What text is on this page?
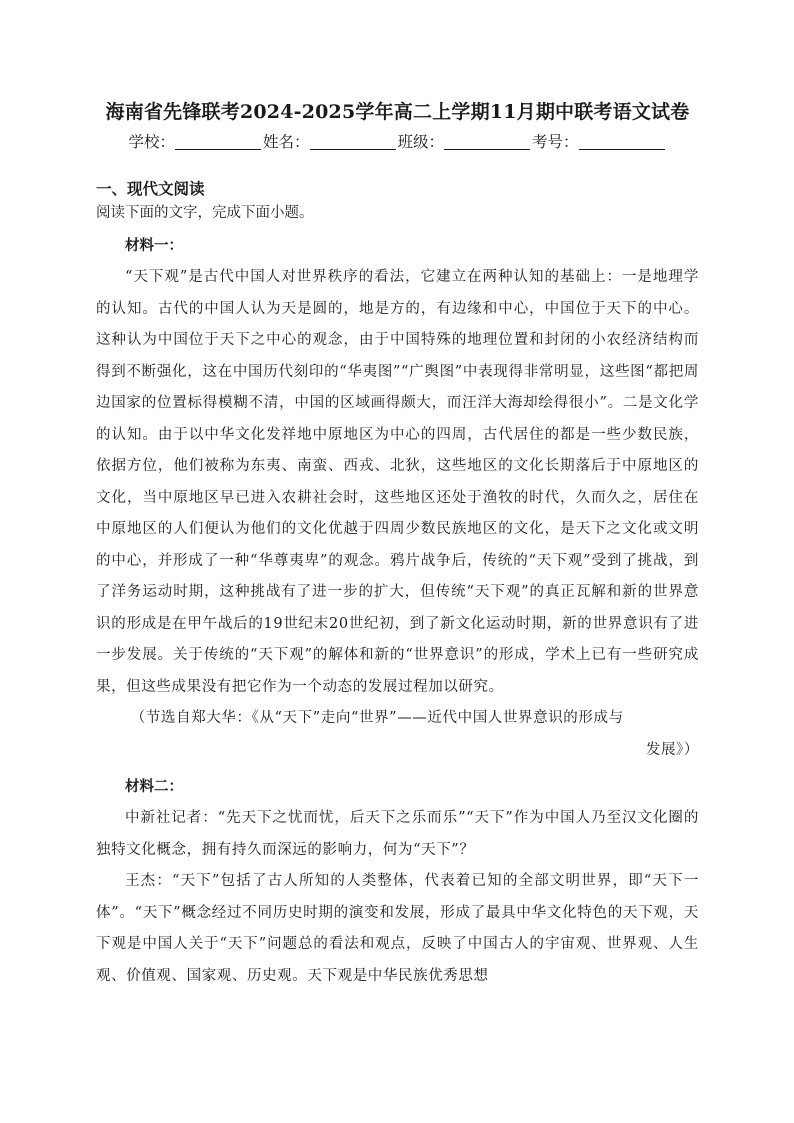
海南省先锋联考2024-2025学年高二上学期11月期中联考语文试卷
学校：	姓名：	班级：	考号：
一、现代文阅读
阅读下面的文字，完成下面小题。
材料一：

“天下观”是古代中国人对世界秩序的看法，它建立在两种认知的基础上：一是地理学的认知。古代的中国人认为天是圆的，地是方的，有边缘和中心，中国位于天下的中心。这种认为中国位于天下之中心的观念，由于中国特殊的地理位置和封闭的小农经济结构而得到不断强化，这在中国历代刻印的“华夷图”“广舆图”中表现得非常明显，这些图“都把周边国家的位置标得模糊不清，中国的区域画得颇大，而汪洋大海却绘得很小”。二是文化学的认知。由于以中华文化发祥地中原地区为中心的四周，古代居住的都是一些少数民族，依据方位，他们被称为东夷、南蛮、西戎、北狄，这些地区的文化长期落后于中原地区的文化，当中原地区早已进入农耕社会时，这些地区还处于渔牧的时代，久而久之，居住在中原地区的人们便认为他们的文化优越于四周少数民族地区的文化，是天下之文化或文明的中心，并形成了一种“华尊夷卑”的观念。鸦片战争后，传统的“天下观”受到了挑战，到了洋务运动时期，这种挑战有了进一步的扩大，但传统“天下观”的真正瓦解和新的世界意识的形成是在甲午战后的19世纪末20世纪初，到了新文化运动时期，新的世界意识有了进一步发展。关于传统的“天下观”的解体和新的“世界意识”的形成，学术上已有一些研究成果，但这些成果没有把它作为一个动态的发展过程加以研究。

（节选自郑大华：《从“天下”走向“世界”——近代中国人世界意识的形成与
发展》）

材料二：

中新社记者：“先天下之忧而忧，后天下之乐而乐”“天下”作为中国人乃至汉文化圈的独特文化概念，拥有持久而深远的影响力，何为“天下”？

王杰：“天下”包括了古人所知的人类整体，代表着已知的全部文明世界，即“天下一体”。“天下”概念经过不同历史时期的演变和发展，形成了最具中华文化特色的天下观，天下观是中国人关于“天下”问题总的看法和观点，反映了中国古人的宇宙观、世界观、人生观、价值观、国家观、历史观。天下观是中华民族优秀思想
